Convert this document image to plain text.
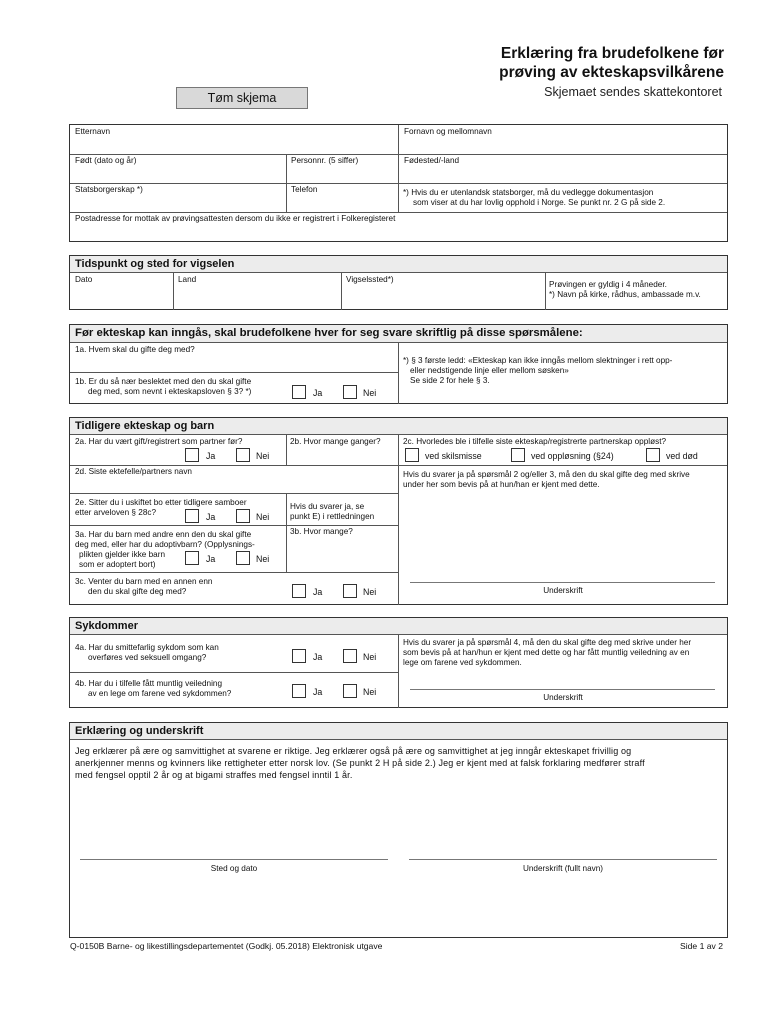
Erklæring fra brudefolkene før
prøving av ekteskapsvilkårene
Skjemaet sendes skattekontoret
Tøm skjema
Etternavn	Fornavn og mellomnavn
Født (dato og år)	Personnr. (5 siffer)	Fødested/-land
Statsborgerskap *)	Telefon	*) Hvis du er utenlandsk statsborger, må du vedlegge dokumentasjon
som viser at du har lovlig opphold i Norge. Se punkt nr. 2 G på side 2.
Postadresse for mottak av prøvingsattesten dersom du ikke er registrert i Folkeregisteret
Tidspunkt og sted for vigselen
Dato	Land	Vigselssted*)
Prøvingen er gyldig i 4 måneder.
*) Navn på kirke, rådhus, ambassade m.v.
Før ekteskap kan inngås, skal brudefolkene hver for seg svare skriftlig på disse spørsmålene:
1a. Hvem skal du gifte deg med?
1b. Er du så nær beslektet med den du skal gifte
deg med, som nevnt i ekteskapsloven § 3? *)	Ja	Nei
*) § 3 første ledd: «Ekteskap kan ikke inngås mellom slektninger i rett opp-
eller nedstigende linje eller mellom søsken»
Se side 2 for hele § 3.
Tidligere ekteskap og barn
2a. Har du vært gift/registrert som partner før?
Ja	Nei
2b. Hvor mange ganger?	2c. Hvorledes ble i tilfelle siste ekteskap/registrerte partnerskap oppløst?
ved skilsmisse	ved oppløsning (§24)	ved død
2d. Siste ektefelle/partners navn	Hvis du svarer ja på spørsmål 2 og/eller 3, må den du skal gifte deg med skrive
under her som bevis på at hun/han er kjent med dette.
2e. Sitter du i uskiftet bo etter tidligere samboer
etter arveloven § 28c?	Ja	Nei
Hvis du svarer ja, se
punkt E) i rettledningen
3a. Har du barn med andre enn den du skal gifte
deg med, eller har du adoptivbarn? (Opplysnings-
plikten gjelder ikke barn
som er adoptert bort)
Ja	Nei
3b. Hvor mange?
3c. Venter du barn med en annen enn
den du skal gifte deg med?	Ja	Nei	Underskrift
Sykdommer
4a. Har du smittefarlig sykdom som kan
overføres ved seksuell omgang?	Ja	Nei
4b. Har du i tilfelle fått muntlig veiledning
av en lege om farene ved sykdommen?	Ja	Nei
Hvis du svarer ja på spørsmål 4, må den du skal gifte deg med skrive under her
som bevis på at han/hun er kjent med dette og har fått muntlig veiledning av en
lege om farene ved sykdommen.
Underskrift
Erklæring og underskrift
Jeg erklærer på ære og samvittighet at svarene er riktige. Jeg erklærer også på ære og samvittighet at jeg inngår ekteskapet frivillig og
anerkjenner menns og kvinners like rettigheter etter norsk lov. (Se punkt 2 H på side 2.) Jeg er kjent med at falsk forklaring medfører straff
med fengsel opptil 2 år og at bigami straffes med fengsel inntil 1 år.
Sted og dato	Underskrift (fullt navn)
Q-0150B Barne- og likestillingsdepartementet (Godkj. 05.2018) Elektronisk utgave	Side 1 av 2
